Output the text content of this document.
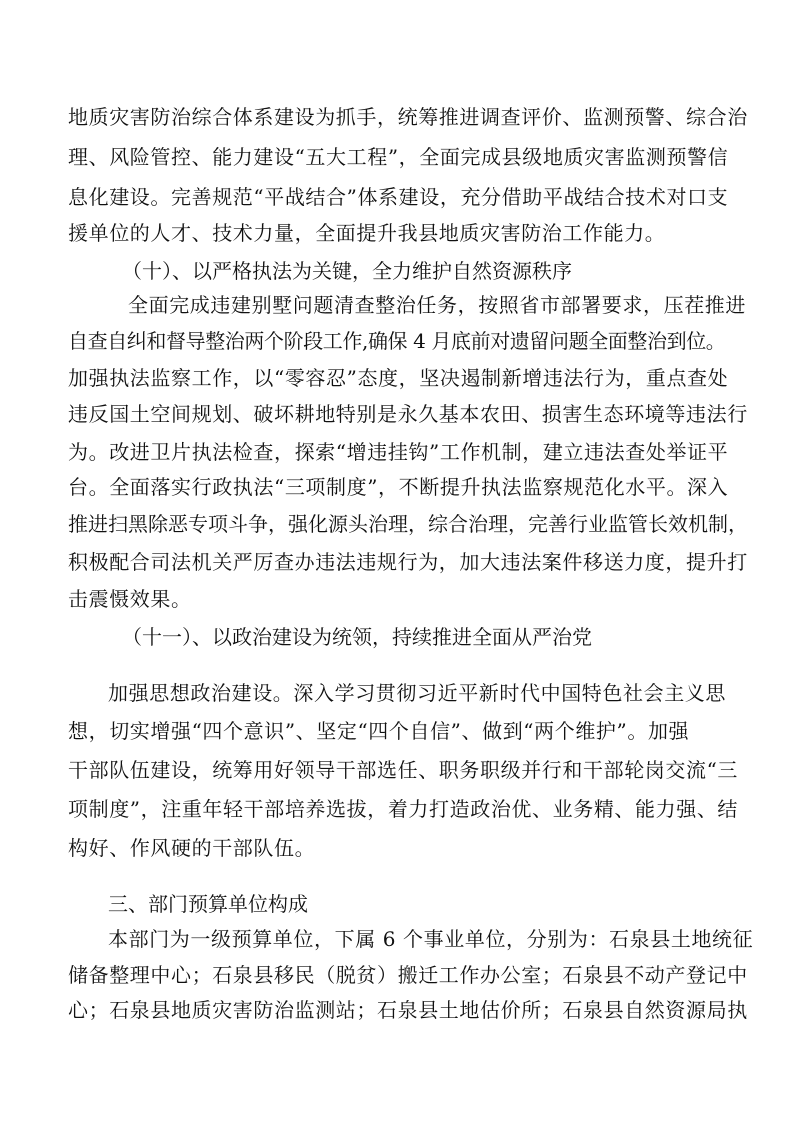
地质灾害防治综合体系建设为抓手，统筹推进调查评价、监测预警、综合治
理、风险管控、能力建设“五大工程”，全面完成县级地质灾害监测预警信
息化建设。完善规范“平战结合”体系建设，充分借助平战结合技术对口支
援单位的人才、技术力量，全面提升我县地质灾害防治工作能力。
（十）、以严格执法为关键，全力维护自然资源秩序
全面完成违建别墅问题清查整治任务，按照省市部署要求，压茬推进
自查自纠和督导整治两个阶段工作,确保 4 月底前对遗留问题全面整治到位。
加强执法监察工作，以“零容忍”态度，坚决遏制新增违法行为，重点查处
违反国土空间规划、破坏耕地特别是永久基本农田、损害生态环境等违法行
为。改进卫片执法检查，探索“增违挂钩”工作机制，建立违法查处举证平
台。全面落实行政执法“三项制度”，不断提升执法监察规范化水平。深入
推进扫黑除恶专项斗争，强化源头治理，综合治理，完善行业监管长效机制，
积极配合司法机关严厉查办违法违规行为，加大违法案件移送力度，提升打
击震慑效果。
（十一）、以政治建设为统领，持续推进全面从严治党
加强思想政治建设。深入学习贯彻习近平新时代中国特色社会主义思
想，切实增强“四个意识”、坚定“四个自信”、做到“两个维护”。加强
干部队伍建设，统筹用好领导干部选任、职务职级并行和干部轮岗交流“三
项制度”，注重年轻干部培养选拔，着力打造政治优、业务精、能力强、结
构好、作风硬的干部队伍。
三、部门预算单位构成
本部门为一级预算单位，下属 6 个事业单位，分别为：石泉县土地统征
储备整理中心；石泉县移民（脱贫）搬迁工作办公室；石泉县不动产登记中
心；石泉县地质灾害防治监测站；石泉县土地估价所；石泉县自然资源局执
